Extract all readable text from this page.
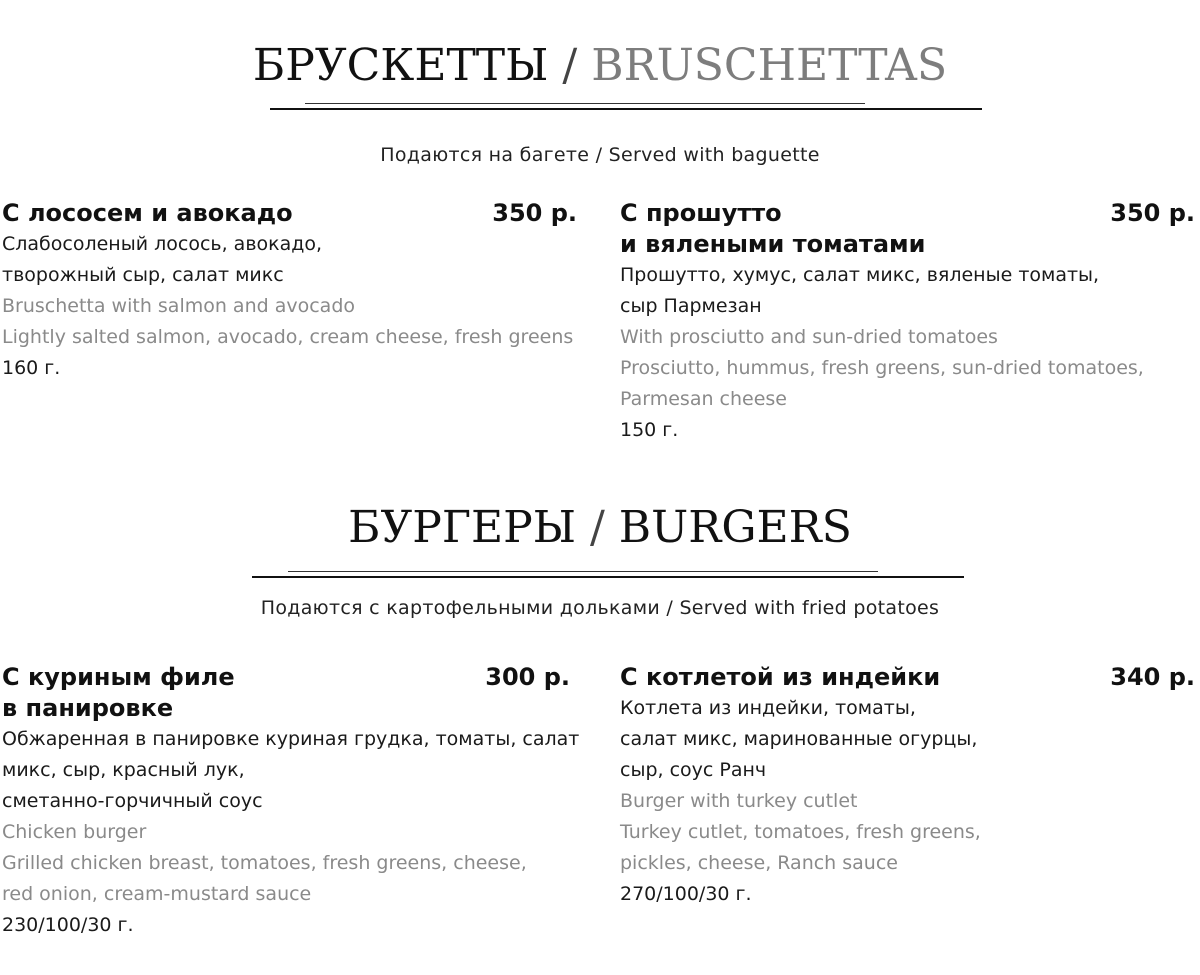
БРУСКЕТТЫ / BRUSCHETTAS
Подаются на багете / Served with baguette
С лососем и авокадо	350 р.
Слабосоленый лосось, авокадо,
творожный сыр, салат микс
Bruschetta with salmon and avocado
Lightly salted salmon, avocado, cream cheese, fresh greens
160 г.
С прошутто
и вялеными томатами
350 р.
Прошутто, хумус, салат микс, вяленые томаты,
сыр Пармезан
With prosciutto and sun-dried tomatoes
Prosciutto, hummus, fresh greens, sun-dried tomatoes,
Parmesan cheese
150 г.
БУРГЕРЫ / BURGERS
Подаются с картофельными дольками / Served with fried potatoes
С куриным филе
в панировке
300 р.
Обжаренная в панировке куриная грудка, томаты, салат
микс, сыр, красный лук,
сметанно-горчичный соус
Chicken burger
Grilled chicken breast, tomatoes, fresh greens, cheese,
red onion, cream-mustard sauce
230/100/30 г.
С котлетой из индейки	340 р.
Котлета из индейки, томаты,
салат микс, маринованные огурцы,
сыр, соус Ранч
Burger with turkey cutlet
Turkey cutlet, tomatoes, fresh greens,
pickles, cheese, Ranch sauce
270/100/30 г.
